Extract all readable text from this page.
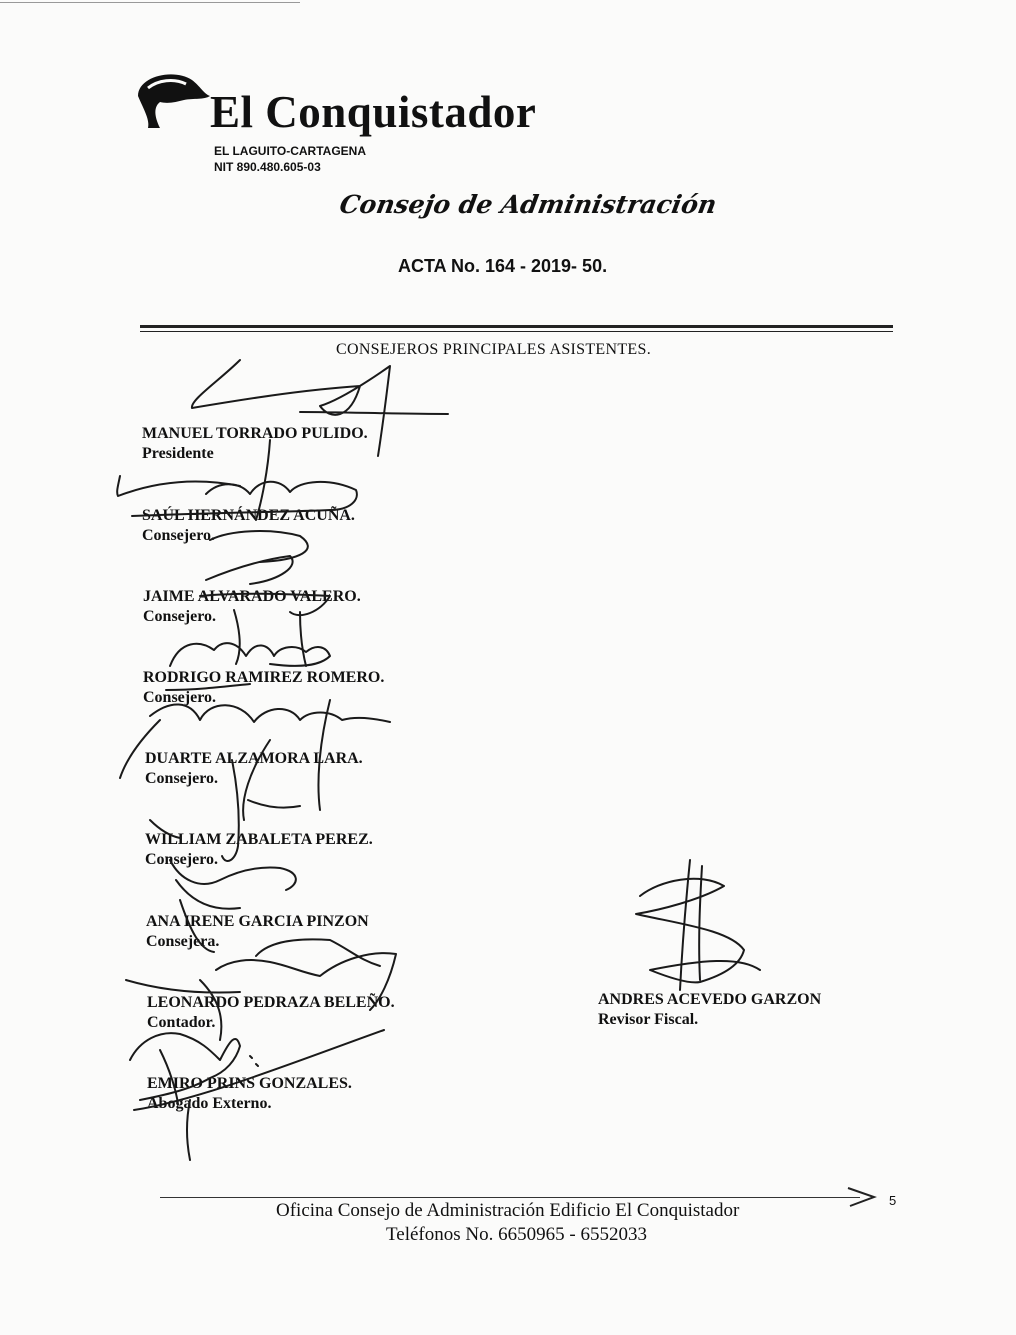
El Conquistador
EL LAGUITO-CARTAGENA
NIT 890.480.605-03
Consejo de Administración
ACTA No. 164 - 2019- 50.
CONSEJEROS PRINCIPALES ASISTENTES.
MANUEL TORRADO PULIDO.
Presidente
SAÚL HERNÁNDEZ ACUÑA.
Consejero.
JAIME ALVARADO VALERO.
Consejero.
RODRIGO RAMIREZ ROMERO.
Consejero.
DUARTE ALZAMORA LARA.
Consejero.
WILLIAM ZABALETA PEREZ.
Consejero.
ANA IRENE GARCIA PINZON
Consejera.
LEONARDO PEDRAZA BELEÑO.
Contador.
EMIRO PRINS GONZALES.
Abogado Externo.
ANDRES ACEVEDO GARZON
Revisor Fiscal.
Oficina Consejo de Administración Edificio El Conquistador
Teléfonos No. 6650965 - 6552033
5
